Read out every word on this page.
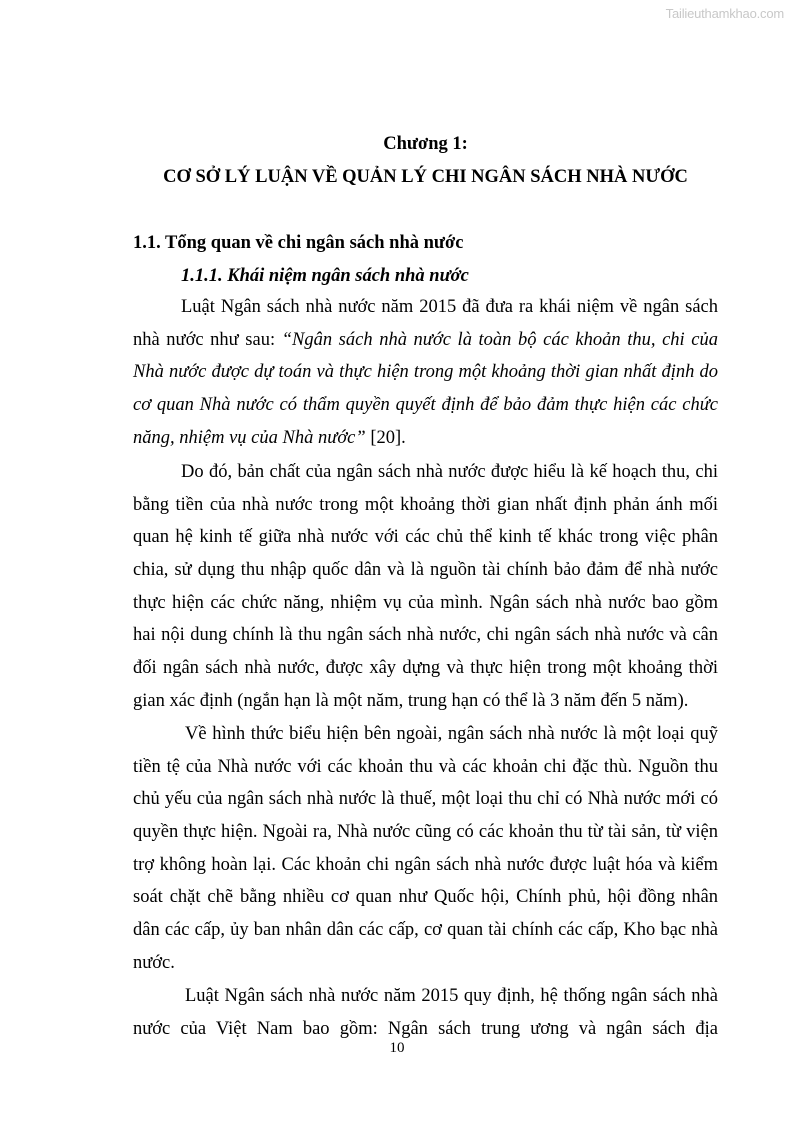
Tailieuthamkhao.com
Chương 1:
CƠ SỞ LÝ LUẬN VỀ QUẢN LÝ CHI NGÂN SÁCH NHÀ NƯỚC
1.1. Tổng quan về chi ngân sách nhà nước
1.1.1. Khái niệm ngân sách nhà nước
Luật Ngân sách nhà nước năm 2015 đã đưa ra khái niệm về ngân sách
nhà nước như sau: “Ngân sách nhà nước là toàn bộ các khoản thu, chi của
Nhà nước được dự toán và thực hiện trong một khoảng thời gian nhất định do
cơ quan Nhà nước có thẩm quyền quyết định để bảo đảm thực hiện các chức
năng, nhiệm vụ của Nhà nước” [20].
Do đó, bản chất của ngân sách nhà nước được hiểu là kế hoạch thu, chi
bằng tiền của nhà nước trong một khoảng thời gian nhất định phản ánh mối
quan hệ kinh tế giữa nhà nước với các chủ thể kinh tế khác trong việc phân
chia, sử dụng thu nhập quốc dân và là nguồn tài chính bảo đảm để nhà nước
thực hiện các chức năng, nhiệm vụ của mình. Ngân sách nhà nước bao gồm
hai nội dung chính là thu ngân sách nhà nước, chi ngân sách nhà nước và cân
đối ngân sách nhà nước, được xây dựng và thực hiện trong một khoảng thời
gian xác định (ngắn hạn là một năm, trung hạn có thể là 3 năm đến 5 năm).
Về hình thức biểu hiện bên ngoài, ngân sách nhà nước là một loại quỹ
tiền tệ của Nhà nước với các khoản thu và các khoản chi đặc thù. Nguồn thu
chủ yếu của ngân sách nhà nước là thuế, một loại thu chỉ có Nhà nước mới có
quyền thực hiện. Ngoài ra, Nhà nước cũng có các khoản thu từ tài sản, từ viện
trợ không hoàn lại. Các khoản chi ngân sách nhà nước được luật hóa và kiểm
soát chặt chẽ bằng nhiều cơ quan như Quốc hội, Chính phủ, hội đồng nhân
dân các cấp, ủy ban nhân dân các cấp, cơ quan tài chính các cấp, Kho bạc nhà
nước.
Luật Ngân sách nhà nước năm 2015 quy định, hệ thống ngân sách nhà
nước của Việt Nam bao gồm: Ngân sách trung ương và ngân sách địa
10
